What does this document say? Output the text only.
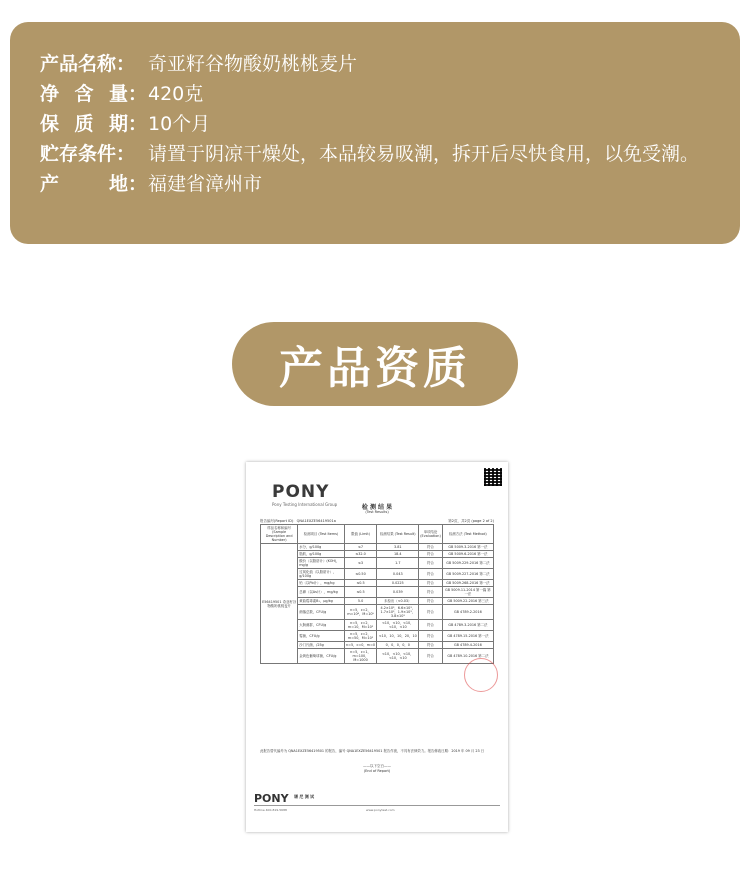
产品名称： 奇亚籽谷物酸奶桃桃麦片
净 含 量 ： 420克
保 质 期 ： 10个月
贮存条件： 请置于阴凉干燥处，本品较易吸潮，拆开后尽快食用，以免受潮。
产	地 ： 福建省漳州市
产品资质
PONY
Pony Testing International Group	检 测 结 果
(Test Results)
报告编号(Report ID)：QNA1EXZE56419501a	第2页，共2页 (page 2 of 2)
样品名称和编号 (Sample Description and Number)	检测项目 (Test Items)	限值 (Limit)	检测结果 (Test Result)	单项结论 (Evaluation)	检测方法 (Test Method)
E56419501 奇亚籽谷物酸奶桃桃麦片	水分，g/100g	≤7	3.81	符合	GB 5009.3-2016 第一法
	脂肪，g/100g	≤32.0	18.4	符合	GB 5009.6-2016 第一法
	酸价（以脂肪计）(KOH)，mg/g	≤3	1.7	符合	GB 5009.229-2016 第二法
	过氧化值（以脂肪计），g/100g	≤0.50	0.043	符合	GB 5009.227-2016 第二法
	铅（以Pb计），mg/kg	≤0.5	0.0225	符合	GB 5009.268-2016 第一法
	总砷（以As计），mg/kg	≤0.5	0.039	符合	GB 5009.11-2014 第一篇 第一法
	黄曲霉毒素B₁，μg/kg	5.0	未检出（<0.03）	符合	GB 5009.22-2016 第三法
	菌落总数，CFU/g	n=5，c=2，m=10⁴，M=10⁵	4.2×10³，6.6×10³，1.7×10³，1.9×10³，3.8×10³	符合	GB 4789.2-2016
	大肠菌群，CFU/g	n=5，c=2，m=10，M=10²	<10，<10，<10，<10，<10	符合	GB 4789.3-2016 第二法
	霉菌，CFU/g	n=5，c=2，m=50，M=10²	<10，10，10，20，10	符合	GB 4789.15-2016 第一法
	沙门氏菌，/25g	n=5，c=0，m=0	0，0，0，0，0	符合	GB 4789.4-2016
	金黄色葡萄球菌，CFU/g	n=5，c=1，m=100，M=1000	<10，<10，<10，<10，<10	符合	GB 4789.10-2016 第二法
此报告替代编号为 QNA1EXZE56419501 的报告，编号 QNA1EXZE56419501 报告作废，不具有法律效力。报告修改日期：2019 年 09 月 23 日
——以下空白——
(End of Report)
PONY 谱 尼 测 试
Hotline 400-819-5688	www.ponytest.com
